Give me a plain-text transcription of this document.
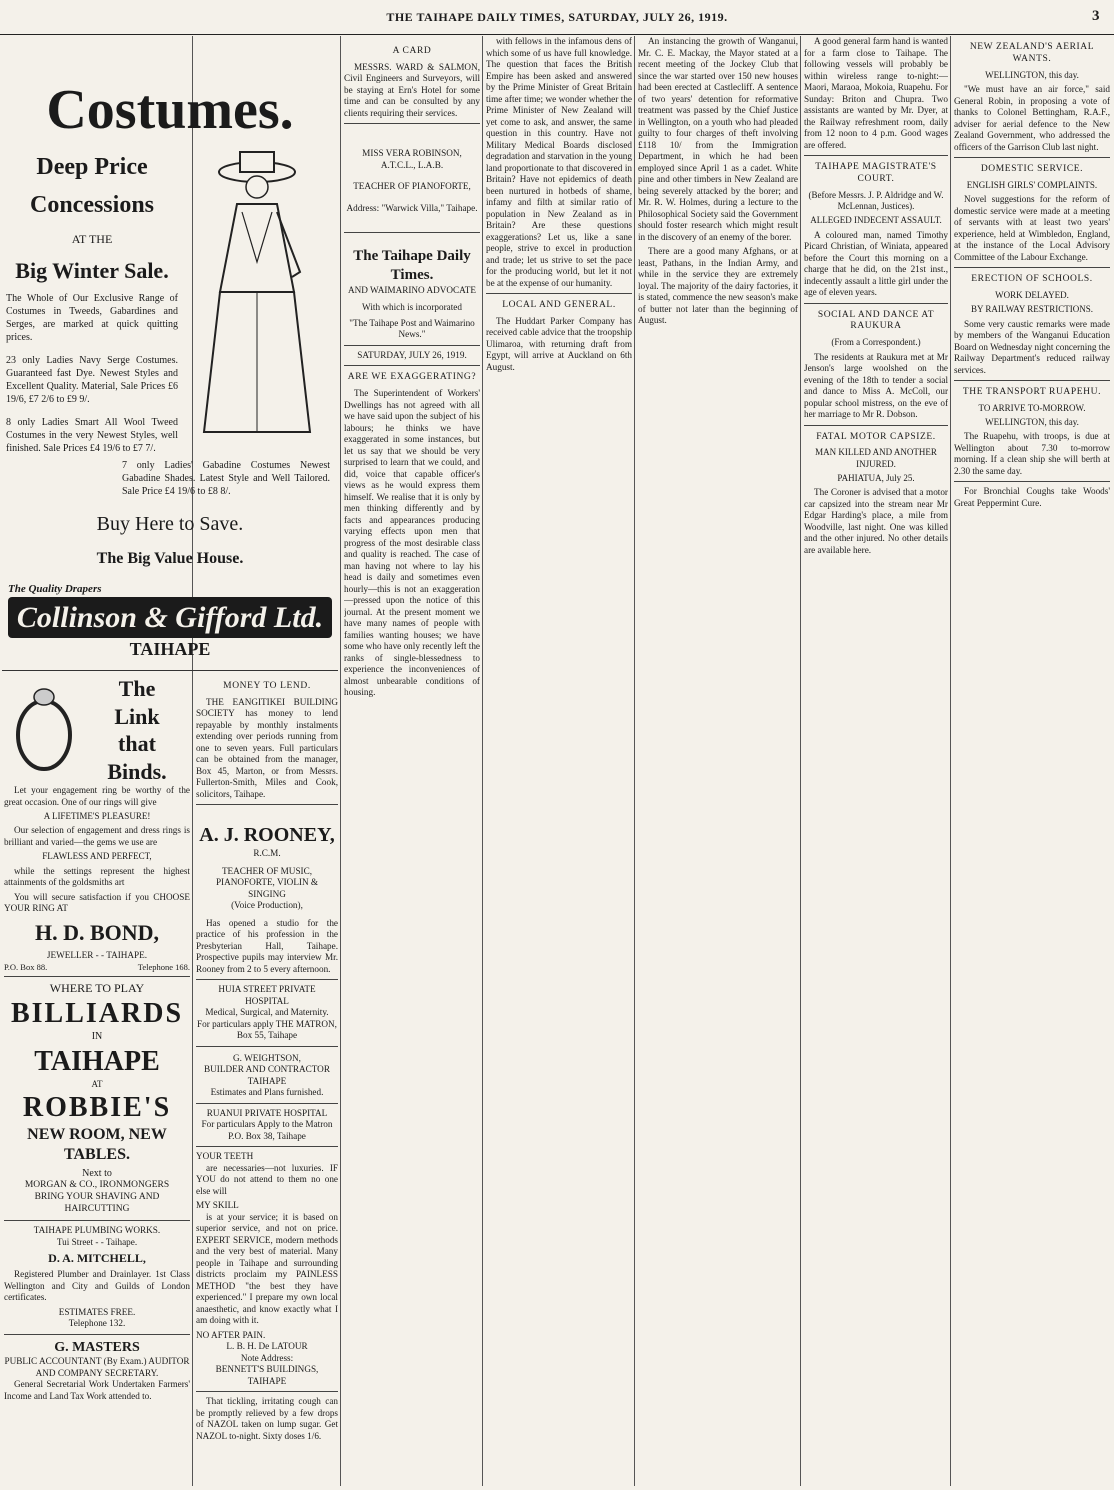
THE TAIHAPE DAILY TIMES,
SATURDAY, JULY 26, 1919.	3
Costumes.
Deep Price
Concessions
AT THE
Big Winter Sale.
The Whole of Our Exclusive Range of Costumes in Tweeds, Gabardines and Serges, are marked at quick quitting prices.
23 only Ladies Navy Serge Costumes. Guaranteed fast Dye. Newest Styles and Excellent Quality. Material, Sale Prices £6 19/6, £7 2/6 to £9 9/.
8 only Ladies Smart All Wool Tweed Costumes in the very Newest Styles, well finished. Sale Prices £4 19/6 to £7 7/.
7 only Ladies' Gabadine Costumes Newest Gabadine Shades. Latest Style and Well Tailored. Sale Price £4 19/6 to £8 8/.
Buy Here to Save.
The Big Value House.
The Quality Drapers
Collinson & Gifford Ltd.
TAIHAPE
The
Link
that
Binds.

Let your engagement ring be worthy of the great occasion. One of our rings will give

A LIFETIME'S PLEASURE!

Our selection of engagement and dress rings is brilliant and varied—the gems we use are

FLAWLESS AND PERFECT,

while the settings represent the highest attainments of the goldsmiths art

You will secure satisfaction if you CHOOSE YOUR RING AT

H. D. BOND,
JEWELLER - - TAIHAPE.
P.O. Box 88.	Telephone 168.
WHERE TO PLAY
BILLIARDS
IN
TAIHAPE
AT
ROBBIE'S
NEW ROOM, NEW TABLES.
Next to
MORGAN & CO., IRONMONGERS
BRING YOUR SHAVING AND HAIRCUTTING
TAIHAPE PLUMBING WORKS.
Tui Street - - Taihape.
D. A. MITCHELL,

Registered Plumber and Drainlayer. 1st Class Wellington and City and Guilds of London certificates.

ESTIMATES FREE.
Telephone 132.
G. MASTERS
PUBLIC ACCOUNTANT (By Exam.) AUDITOR AND COMPANY SECRETARY.

General Secretarial Work Undertaken Farmers' Income and Land Tax Work attended to.

MONEY TO LEND.

THE EANGITIKEI BUILDING SOCIETY has money to lend repayable by monthly instalments extending over periods running from one to seven years. Full particulars can be obtained from the manager, Box 45, Marton, or from Messrs. Fullerton-Smith, Miles and Cook, solicitors, Taihape.

A. J. ROONEY,
R.C.M.
TEACHER OF MUSIC, PIANOFORTE, VIOLIN & SINGING
(Voice Production),

Has opened a studio for the practice of his profession in the Presbyterian Hall, Taihape. Prospective pupils may interview Mr. Rooney from 2 to 5 every afternoon.

HUIA STREET PRIVATE HOSPITAL
Medical, Surgical, and Maternity.
For particulars apply THE MATRON,
Box 55, Taihape
G. WEIGHTSON,
BUILDER AND CONTRACTOR TAIHAPE
Estimates and Plans furnished.
RUANUI PRIVATE HOSPITAL
For particulars Apply to the Matron P.O. Box 38, Taihape
YOUR TEETH

are necessaries—not luxuries. IF YOU do not attend to them no one else will

MY SKILL

is at your service; it is based on superior service, and not on price. EXPERT SERVICE, modern methods and the very best of material. Many people in Taihape and surrounding districts proclaim my PAINLESS METHOD "the best they have experienced." I prepare my own local anaesthetic, and know exactly what I am doing with it.

NO AFTER PAIN.
L. B. H. De LATOUR
Note Address:
BENNETT'S BUILDINGS, TAIHAPE

That tickling, irritating cough can be promptly relieved by a few drops of NAZOL taken on lump sugar. Get NAZOL to-night. Sixty doses 1/6.

A CARD

MESSRS. WARD & SALMON, Civil Engineers and Surveyors, will be staying at Ern's Hotel for some time and can be consulted by any clients requiring their services.

MISS VERA ROBINSON, A.T.C.L., L.A.B.
TEACHER OF PIANOFORTE,
Address: "Warwick Villa," Taihape.
The Taihape Daily Times.
AND WAIMARINO ADVOCATE
With which is incorporated
"The Taihape Post and Waimarino News."
SATURDAY, JULY 26, 1919.
ARE WE EXAGGERATING?

The Superintendent of Workers' Dwellings has not agreed with all we have said upon the subject of his labours; he thinks we have exaggerated in some instances, but let us say that we should be very surprised to learn that we could, and did, voice that capable officer's views as he would express them himself. We realise that it is only by men thinking differently and by facts and appearances producing varying effects upon men that progress of the most desirable class and quality is reached. The case of man having not where to lay his head is daily and sometimes even hourly—this is not an exaggeration—pressed upon the notice of this journal. At the present moment we have many names of people with families wanting houses; we have some who have only recently left the ranks of single-blessedness to experience the inconveniences of almost unbearable conditions of housing.

with fellows in the infamous dens of which some of us have full knowledge. The question that faces the British Empire has been asked and answered by the Prime Minister of Great Britain time after time; we wonder whether the Prime Minister of New Zealand will yet come to ask, and answer, the same question in this country. Have not Military Medical Boards disclosed degradation and starvation in the young land proportionate to that discovered in Britain? Have not epidemics of death been nurtured in hotbeds of shame, infamy and filth at similar ratio of population in New Zealand as in Britain? Are these questions exaggerations? Let us, like a sane people, strive to excel in production and trade; let us strive to set the pace for the producing world, but let it not be at the expense of our humanity.

LOCAL AND GENERAL.

The Huddart Parker Company has received cable advice that the troopship Ulimaroa, with returning draft from Egypt, will arrive at Auckland on 6th August.

An instancing the growth of Wanganui, Mr. C. E. Mackay, the Mayor stated at a recent meeting of the Jockey Club that since the war started over 150 new houses had been erected at Castlecliff. A sentence of two years' detention for reformative treatment was passed by the Chief Justice in Wellington, on a youth who had pleaded guilty to four charges of theft involving £118 10/ from the Immigration Department, in which he had been employed since April 1 as a cadet. White pine and other timbers in New Zealand are being severely attacked by the borer; and Mr. R. W. Holmes, during a lecture to the Philosophical Society said the Government should foster research which might result in the discovery of an enemy of the borer.

There are a good many Afghans, or at least, Pathans, in the Indian Army, and while in the service they are extremely loyal. The majority of the dairy factories, it is stated, commence the new season's make of butter not later than the beginning of August.

A good general farm hand is wanted for a farm close to Taihape. The following vessels will probably be within wireless range to-night:—Maori, Maraoa, Mokoia, Ruapehu. For Sunday: Briton and Chupra. Two assistants are wanted by Mr. Dyer, at the Railway refreshment room, daily from 12 noon to 4 p.m. Good wages are offered.

TAIHAPE MAGISTRATE'S COURT.
(Before Messrs. J. P. Aldridge and W. McLennan, Justices).
ALLEGED INDECENT ASSAULT.

A coloured man, named Timothy Picard Christian, of Winiata, appeared before the Court this morning on a charge that he did, on the 21st inst., indecently assault a little girl under the age of eleven years.

SOCIAL AND DANCE AT RAUKURA
(From a Correspondent.)

The residents at Raukura met at Mr Jenson's large woolshed on the evening of the 18th to tender a social and dance to Miss A. McColl, our popular school mistress, on the eve of her marriage to Mr R. Dobson.

FATAL MOTOR CAPSIZE.
MAN KILLED AND ANOTHER INJURED.
PAHIATUA, July 25.

The Coroner is advised that a motor car capsized into the stream near Mr Edgar Harding's place, a mile from Woodville, last night. One was killed and the other injured. No other details are available here.

NEW ZEALAND'S AERIAL WANTS.
WELLINGTON, this day.

"We must have an air force," said General Robin, in proposing a vote of thanks to Colonel Bettingham, R.A.F., adviser for aerial defence to the New Zealand Government, who addressed the officers of the Garrison Club last night.

DOMESTIC SERVICE.
ENGLISH GIRLS' COMPLAINTS.

Novel suggestions for the reform of domestic service were made at a meeting of servants with at least two years' experience, held at Wimbledon, England, at the instance of the Local Advisory Committee of the Labour Exchange.

ERECTION OF SCHOOLS.
WORK DELAYED.
BY RAILWAY RESTRICTIONS.

Some very caustic remarks were made by members of the Wanganui Education Board on Wednesday night concerning the Railway Department's reduced railway services.

THE TRANSPORT RUAPEHU.
TO ARRIVE TO-MORROW.
WELLINGTON, this day.

The Ruapehu, with troops, is due at Wellington about 7.30 to-morrow morning. If a clean ship she will berth at 2.30 the same day.

For Bronchial Coughs take Woods' Great Peppermint Cure.
